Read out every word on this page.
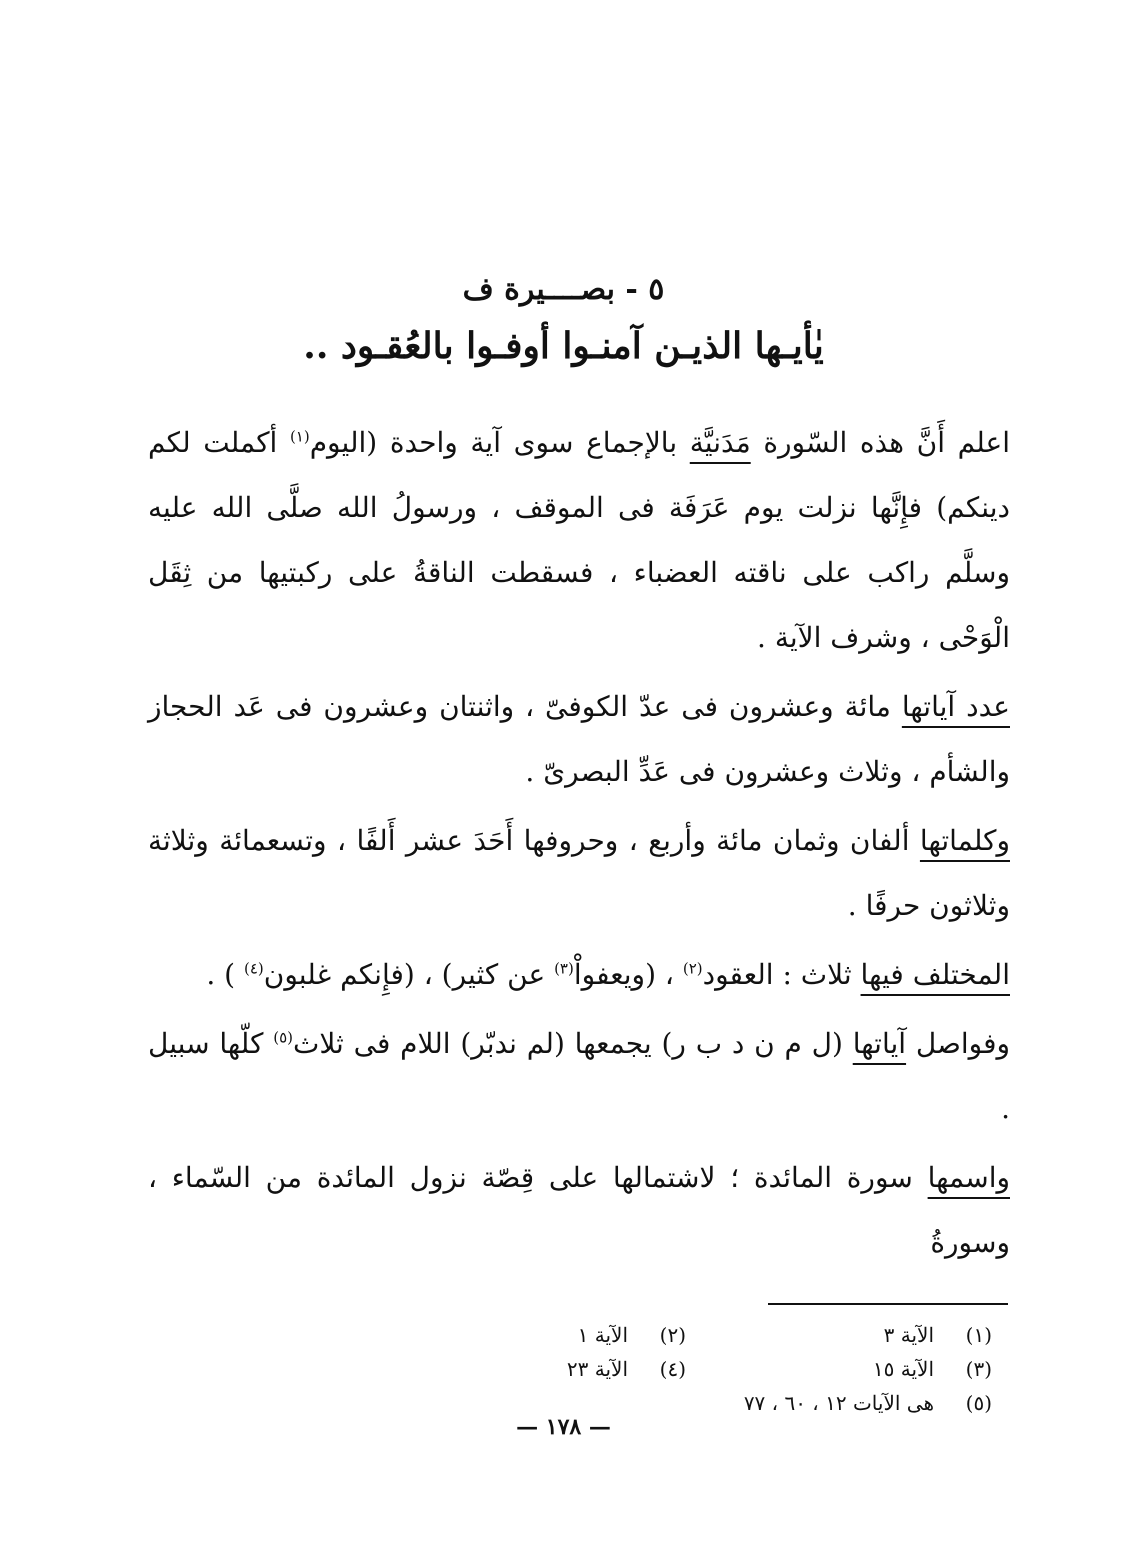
٥ - بصــــيرة ف
يٰأيـها الذيـن آمنـوا أوفـوا بالعُقـود ..

اعلم أَنَّ هذه السّورة مَدَنيَّة بالإجماع سوى آية واحدة (اليوم$^{(١)}$ أكملت لكم دينكم) فإِنَّها نزلت يوم عَرَفَة فى الموقف ، ورسولُ الله صلَّى الله عليه وسلَّم راكب على ناقته العضباء ، فسقطت الناقةُ على ركبتيها من ثِقَل الْوَحْى ، وشرف الآية .

عدد آياتها مائة وعشرون فى عدّ الكوفىّ ، واثنتان وعشرون فى عَد الحجاز والشأم ، وثلاث وعشرون فى عَدِّ البصرىّ .

وكلماتها ألفان وثمان مائة وأربع ، وحروفها أَحَدَ عشر أَلفًا ، وتسعمائة وثلاثة وثلاثون حرفًا .

المختلف فيها ثلاث : العقود$^{(٢)}$ ، (ويعفواْ$^{(٣)}$ عن كثير) ، (فإِنكم غلبون$^{(٤)}$ ) .

وفواصل آياتها (ل م ن د ب ر) يجمعها (لم ندبّر) اللام فى ثلاث$^{(٥)}$ كلّها سبيل .

واسمها سورة المائدة ؛ لاشتمالها على قِصّة نزول المائدة من السّماء ، وسورةُ

(١)
الآية ٣
(٢)
الآية ١
(٣)
الآية ١٥
(٤)
الآية ٢٣
(٥)
هى الآيات ١٢ ، ٦٠ ، ٧٧
— ١٧٨ —
